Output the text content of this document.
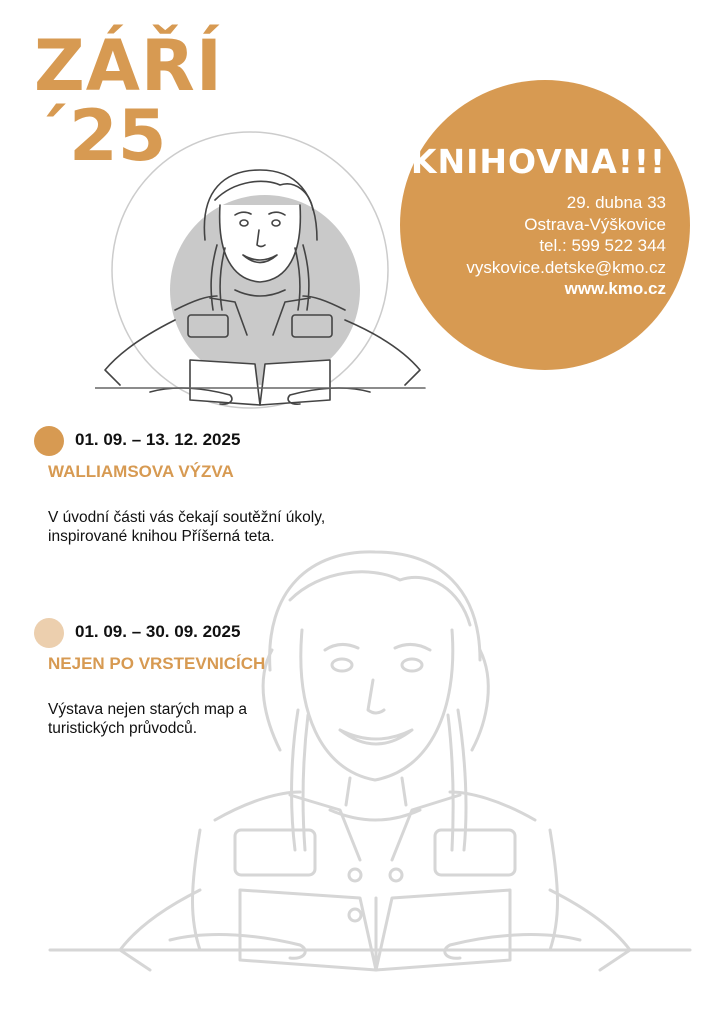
ZÁŘÍ
´25	KNIHOVNA!!!
29. dubna 33
Ostrava-Výškovice
tel.: 599 522 344
vyskovice.detske@kmo.cz
www.kmo.cz
01. 09. – 13. 12. 2025
WALLIAMSOVA VÝZVA
V úvodní části vás čekají soutěžní úkoly,
inspirované knihou Příšerná teta.
01. 09. – 30. 09. 2025
NEJEN PO VRSTEVNICÍCH
Výstava nejen starých map a
turistických průvodců.
